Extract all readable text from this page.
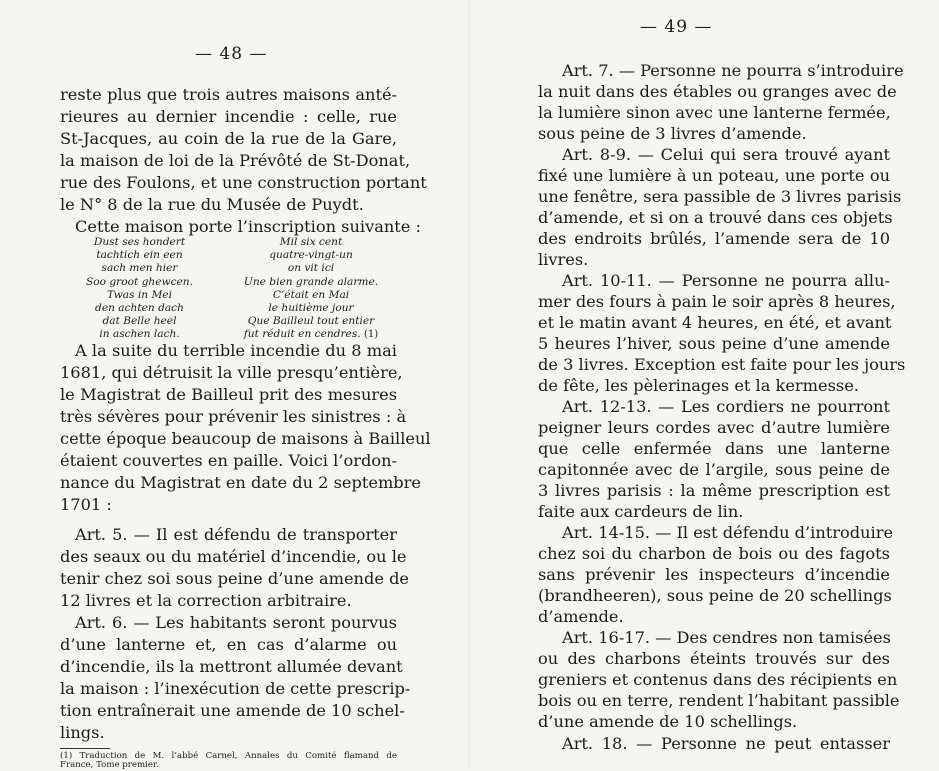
— 48 —
reste plus que trois autres maisons anté-
rieures au dernier incendie : celle, rue
St-Jacques, au coin de la rue de la Gare,
la maison de loi de la Prévôté de St-Donat,
rue des Foulons, et une construction portant
le N° 8 de la rue du Musée de Puydt.
Cette maison porte l’inscription suivante :
Dust ses hondert
tachtich ein een
sach men hier
Soo groot ghewcen.
Twas in Mei
den achten dach
dat Belle heel
in aschen lach.
Mil six cent
quatre-vingt-un
on vit ici
Une bien grande alarme.
C’était en Mai
le huitième jour
Que Bailleul tout entier
fut réduit en cendres. (1)
A la suite du terrible incendie du 8 mai
1681, qui détruisit la ville presqu’entière,
le Magistrat de Bailleul prit des mesures
très sévères pour prévenir les sinistres : à
cette époque beaucoup de maisons à Bailleul
étaient couvertes en paille. Voici l’ordon-
nance du Magistrat en date du 2 septembre
1701 :
Art. 5. — Il est défendu de transporter
des seaux ou du matériel d’incendie, ou le
tenir chez soi sous peine d’une amende de
12 livres et la correction arbitraire.
Art. 6. — Les habitants seront pourvus
d’une lanterne et, en cas d’alarme ou
d’incendie, ils la mettront allumée devant
la maison : l’inexécution de cette prescrip-
tion entraînerait une amende de 10 schel-
lings.
(1) Traduction de M. l’abbé Carnel, Annales du Comité flamand de
France, Tome premier.
— 49 —
Art. 7. — Personne ne pourra s’introduire
la nuit dans des étables ou granges avec de
la lumière sinon avec une lanterne fermée,
sous peine de 3 livres d’amende.
Art. 8-9. — Celui qui sera trouvé ayant
fixé une lumière à un poteau, une porte ou
une fenêtre, sera passible de 3 livres parisis
d’amende, et si on a trouvé dans ces objets
des endroits brûlés, l’amende sera de 10
livres.
Art. 10-11. — Personne ne pourra allu-
mer des fours à pain le soir après 8 heures,
et le matin avant 4 heures, en été, et avant
5 heures l’hiver, sous peine d’une amende
de 3 livres. Exception est faite pour les jours
de fête, les pèlerinages et la kermesse.
Art. 12-13. — Les cordiers ne pourront
peigner leurs cordes avec d’autre lumière
que celle enfermée dans une lanterne
capitonnée avec de l’argile, sous peine de
3 livres parisis : la même prescription est
faite aux cardeurs de lin.
Art. 14-15. — Il est défendu d’introduire
chez soi du charbon de bois ou des fagots
sans prévenir les inspecteurs d’incendie
(brandheeren), sous peine de 20 schellings
d’amende.
Art. 16-17. — Des cendres non tamisées
ou des charbons éteints trouvés sur des
greniers et contenus dans des récipients en
bois ou en terre, rendent l’habitant passible
d’une amende de 10 schellings.
Art. 18. — Personne ne peut entasser
